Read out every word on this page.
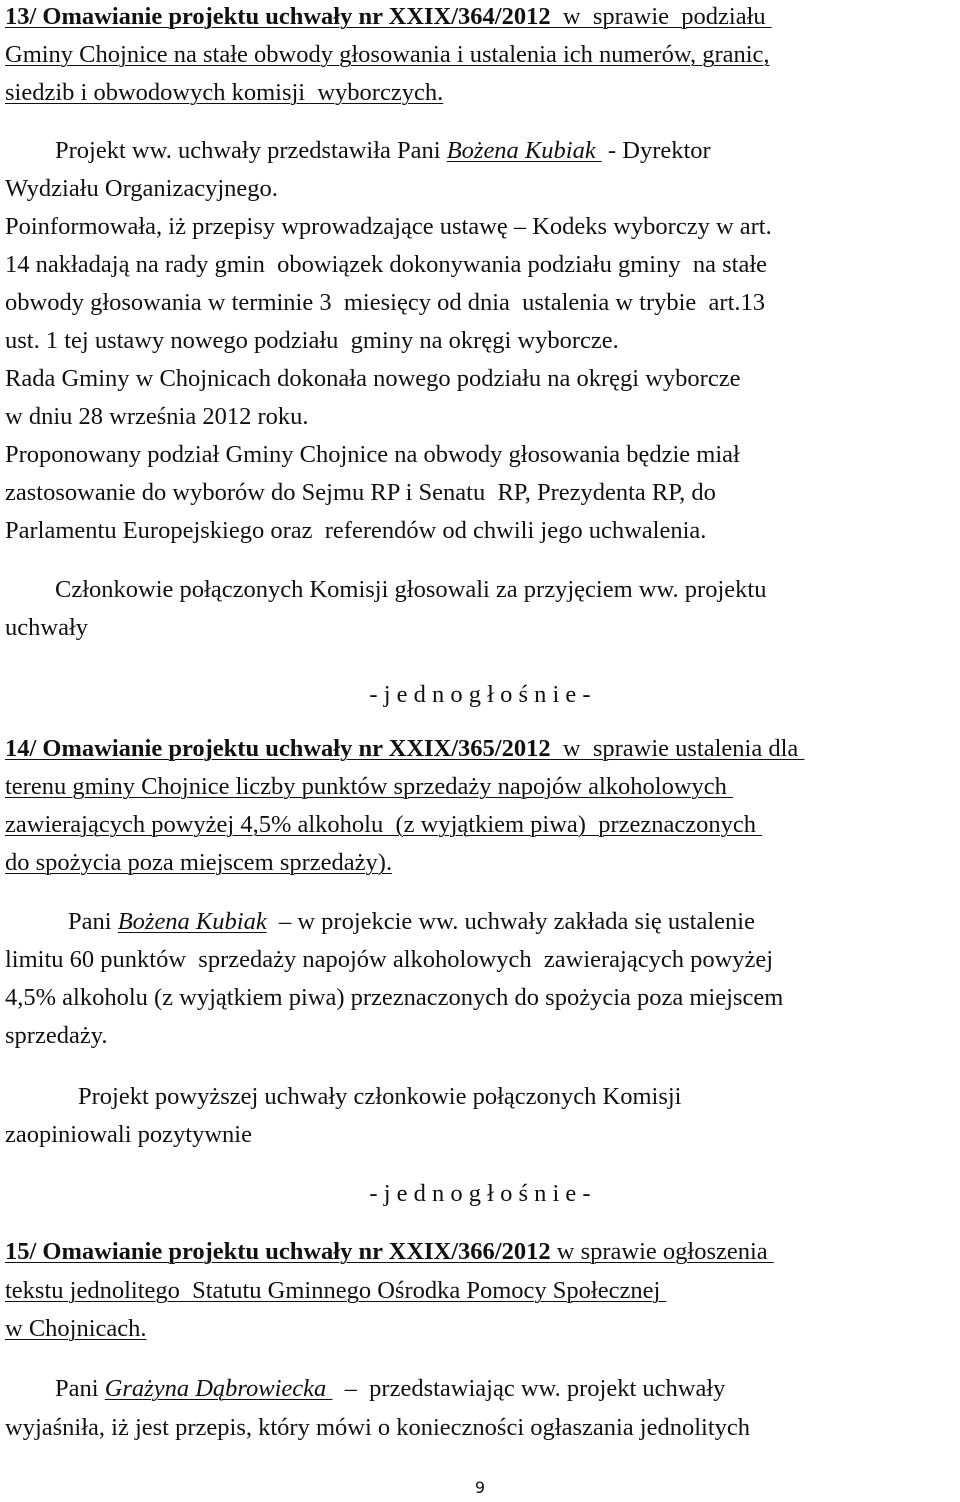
13/ Omawianie projektu uchwały nr XXIX/364/2012  w  sprawie  podziału
Gminy Chojnice na stałe obwody głosowania i ustalenia ich numerów, granic,
siedzib i obwodowych komisji  wyborczych.
Projekt ww. uchwały przedstawiła Pani Bożena Kubiak  - Dyrektor
Wydziału Organizacyjnego.
Poinformowała, iż przepisy wprowadzające ustawę – Kodeks wyborczy w art.
14 nakładają na rady gmin  obowiązek dokonywania podziału gminy  na stałe
obwody głosowania w terminie 3  miesięcy od dnia  ustalenia w trybie  art.13
ust. 1 tej ustawy nowego podziału  gminy na okręgi wyborcze.
Rada Gminy w Chojnicach dokonała nowego podziału na okręgi wyborcze
w dniu 28 września 2012 roku.
Proponowany podział Gminy Chojnice na obwody głosowania będzie miał
zastosowanie do wyborów do Sejmu RP i Senatu  RP, Prezydenta RP, do
Parlamentu Europejskiego oraz  referendów od chwili jego uchwalenia.
Członkowie połączonych Komisji głosowali za przyjęciem ww. projektu
uchwały
- j e d n o g ł o ś n i e -
14/ Omawianie projektu uchwały nr XXIX/365/2012  w  sprawie ustalenia dla
terenu gminy Chojnice liczby punktów sprzedaży napojów alkoholowych
zawierających powyżej 4,5% alkoholu  (z wyjątkiem piwa)  przeznaczonych
do spożycia poza miejscem sprzedaży).
Pani Bożena Kubiak  – w projekcie ww. uchwały zakłada się ustalenie
limitu 60 punktów  sprzedaży napojów alkoholowych  zawierających powyżej
4,5% alkoholu (z wyjątkiem piwa) przeznaczonych do spożycia poza miejscem
sprzedaży.
Projekt powyższej uchwały członkowie połączonych Komisji
zaopiniowali pozytywnie
- j e d n o g ł o ś n i e -
15/ Omawianie projektu uchwały nr XXIX/366/2012 w sprawie ogłoszenia
tekstu jednolitego  Statutu Gminnego Ośrodka Pomocy Społecznej
w Chojnicach.
Pani Grażyna Dąbrowiecka   –  przedstawiając ww. projekt uchwały
wyjaśniła, iż jest przepis, który mówi o konieczności ogłaszania jednolitych
9
